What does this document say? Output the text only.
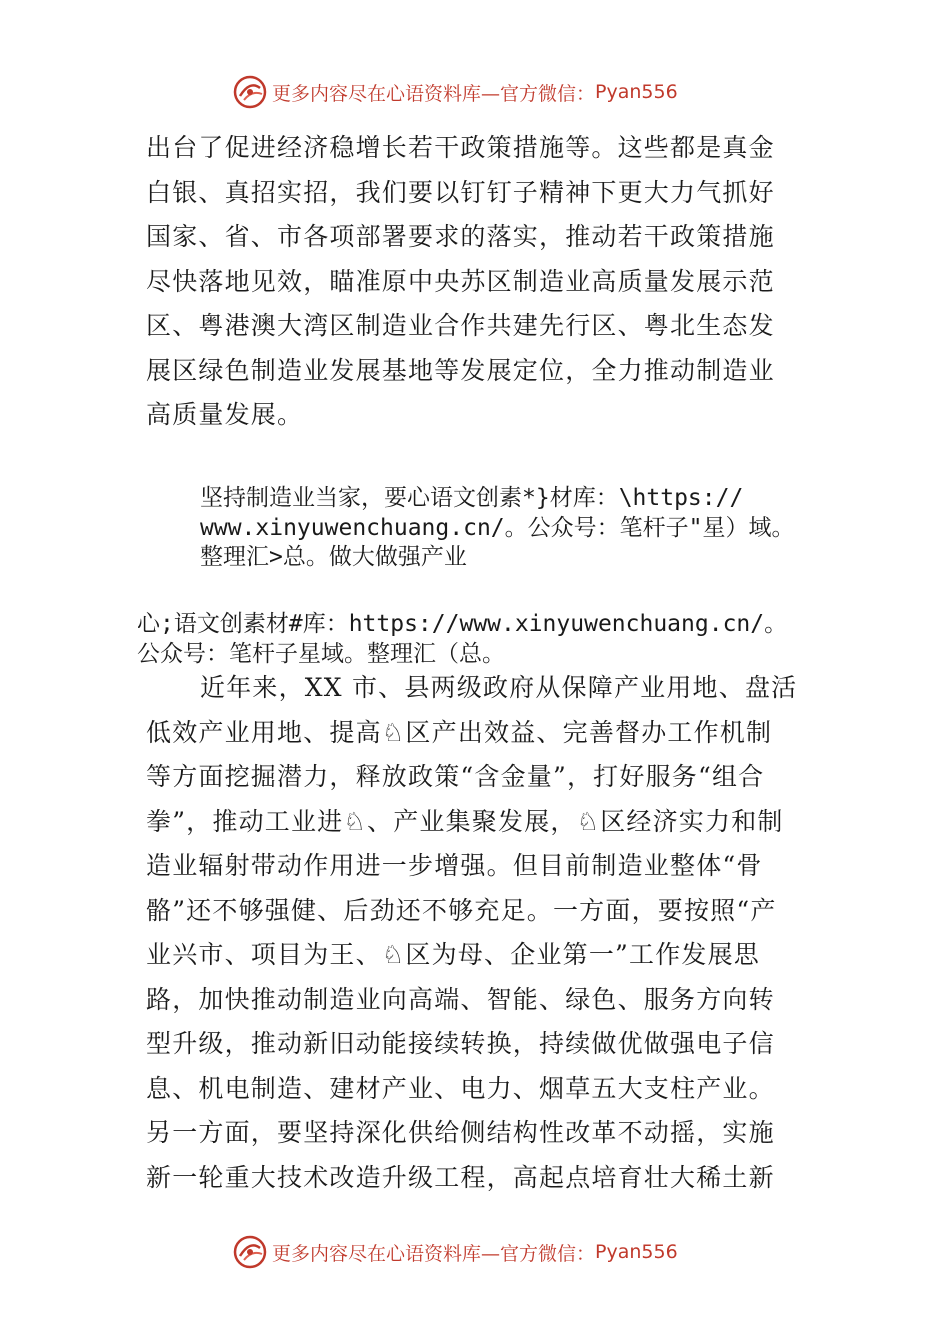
更多内容尽在心语资料库—官方微信： Pyan556
出台了促进经济稳增长若干政策措施等。这些都是真金
白银、真招实招，我们要以钉钉子精神下更大力气抓好
国家、省、市各项部署要求的落实，推动若干政策措施
尽快落地见效，瞄准原中央苏区制造业高质量发展示范
区、粤港澳大湾区制造业合作共建先行区、粤北生态发
展区绿色制造业发展基地等发展定位，全力推动制造业
高质量发展。
坚持制造业当家，要心语文创素*}材库：\https://
www.xinyuwenchuang.cn/。公众号：笔杆子"星）域。
整理汇>总。做大做强产业
心;语文创素材#库：https://www.xinyuwenchuang.cn/。
公众号：笔杆子星域。整理汇（总。
近年来，XX 市、县两级政府从保障产业用地、盘活
低效产业用地、提高♘区产出效益、完善督办工作机制
等方面挖掘潜力，释放政策“含金量”，打好服务“组合
拳”，推动工业进♘、产业集聚发展，♘区经济实力和制
造业辐射带动作用进一步增强。但目前制造业整体“骨
骼”还不够强健、后劲还不够充足。一方面，要按照“产
业兴市、项目为王、♘区为母、企业第一”工作发展思
路，加快推动制造业向高端、智能、绿色、服务方向转
型升级，推动新旧动能接续转换，持续做优做强电子信
息、机电制造、建材产业、电力、烟草五大支柱产业。
另一方面，要坚持深化供给侧结构性改革不动摇，实施
新一轮重大技术改造升级工程，高起点培育壮大稀土新
更多内容尽在心语资料库—官方微信： Pyan556
